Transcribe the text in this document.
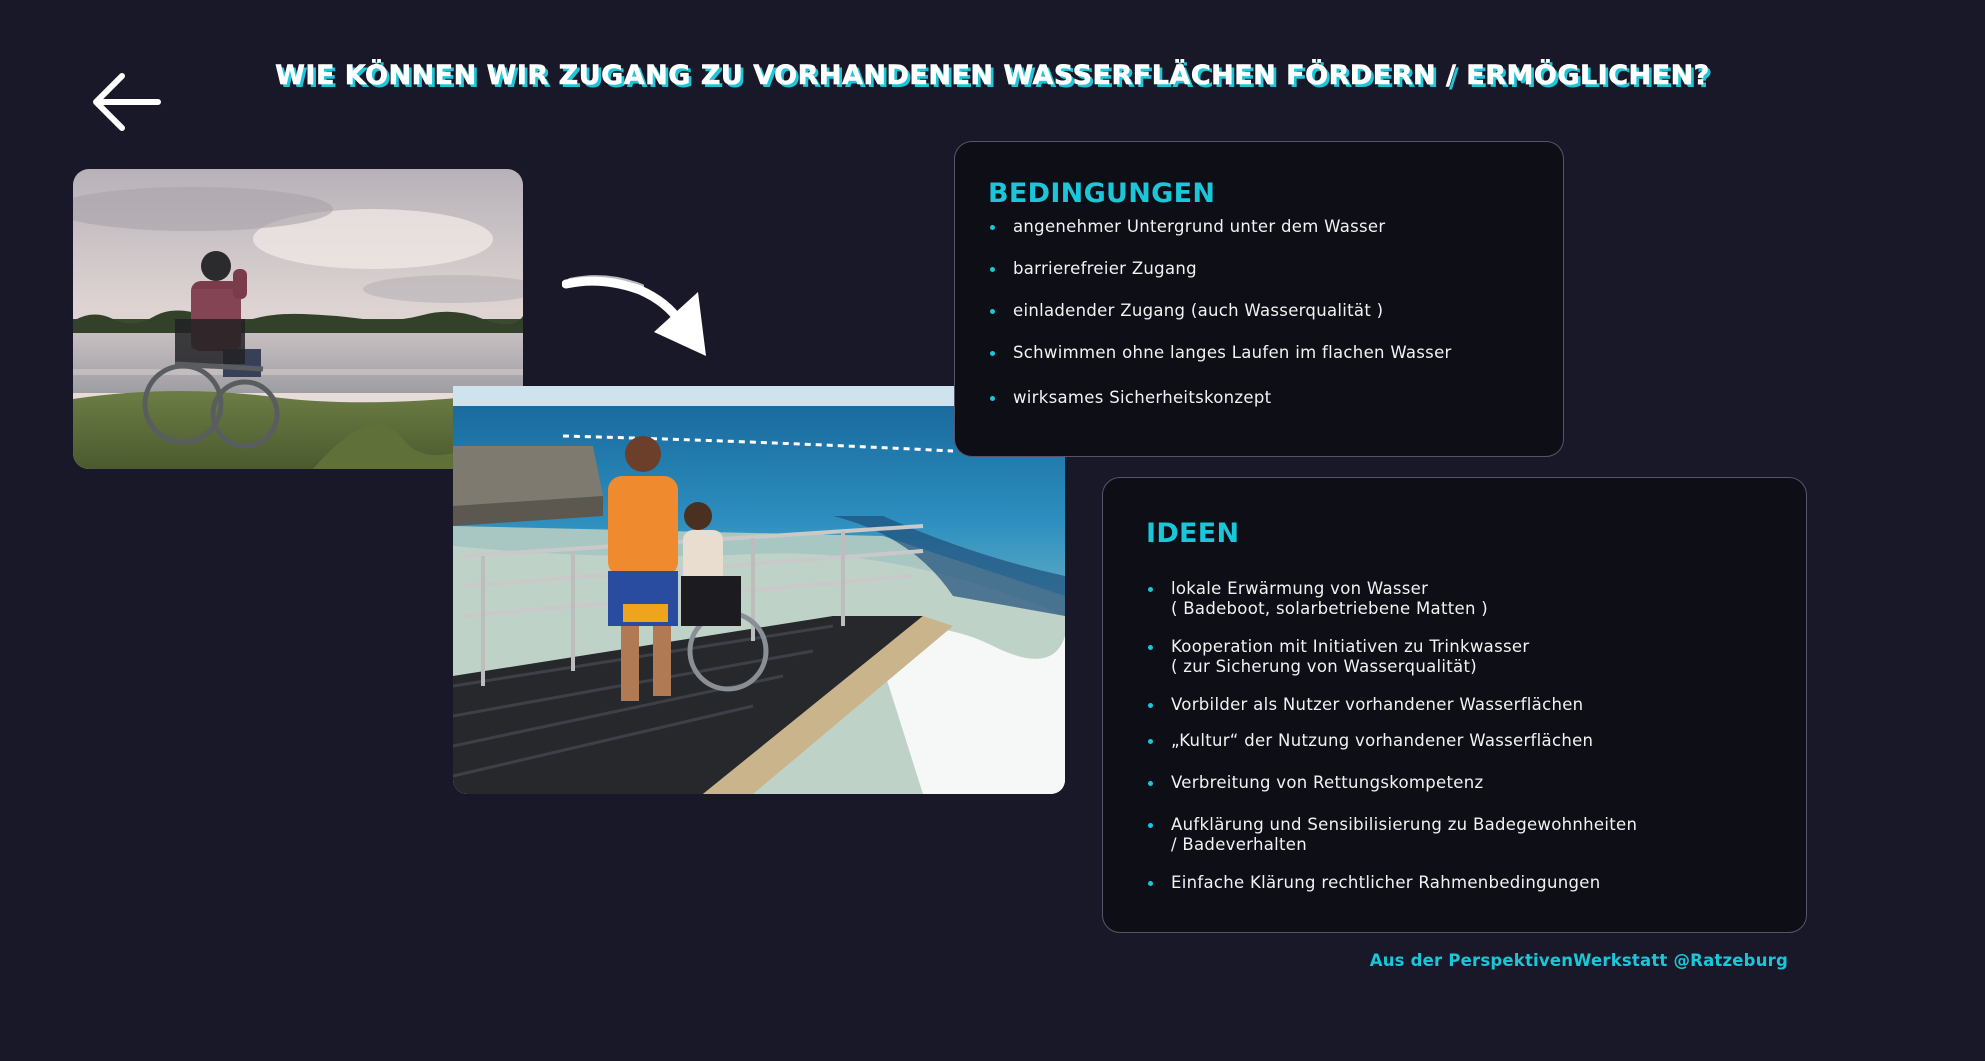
WIE KÖNNEN WIR ZUGANG ZU VORHANDENEN WASSERFLÄCHEN FÖRDERN / ERMÖGLICHEN?
BEDINGUNGEN
angenehmer Untergrund unter dem Wasser
barrierefreier Zugang
einladender Zugang (auch Wasserqualität )
Schwimmen ohne langes Laufen im flachen Wasser
wirksames Sicherheitskonzept
IDEEN
lokale Erwärmung von Wasser
( Badeboot, solarbetriebene Matten )
Kooperation mit Initiativen zu Trinkwasser
( zur Sicherung von Wasserqualität)
Vorbilder als Nutzer vorhandener Wasserflächen
„Kultur“ der Nutzung vorhandener Wasserflächen
Verbreitung von Rettungskompetenz
Aufklärung und Sensibilisierung zu Badegewohnheiten
/ Badeverhalten
Einfache Klärung rechtlicher Rahmenbedingungen
Aus der PerspektivenWerkstatt @Ratzeburg
